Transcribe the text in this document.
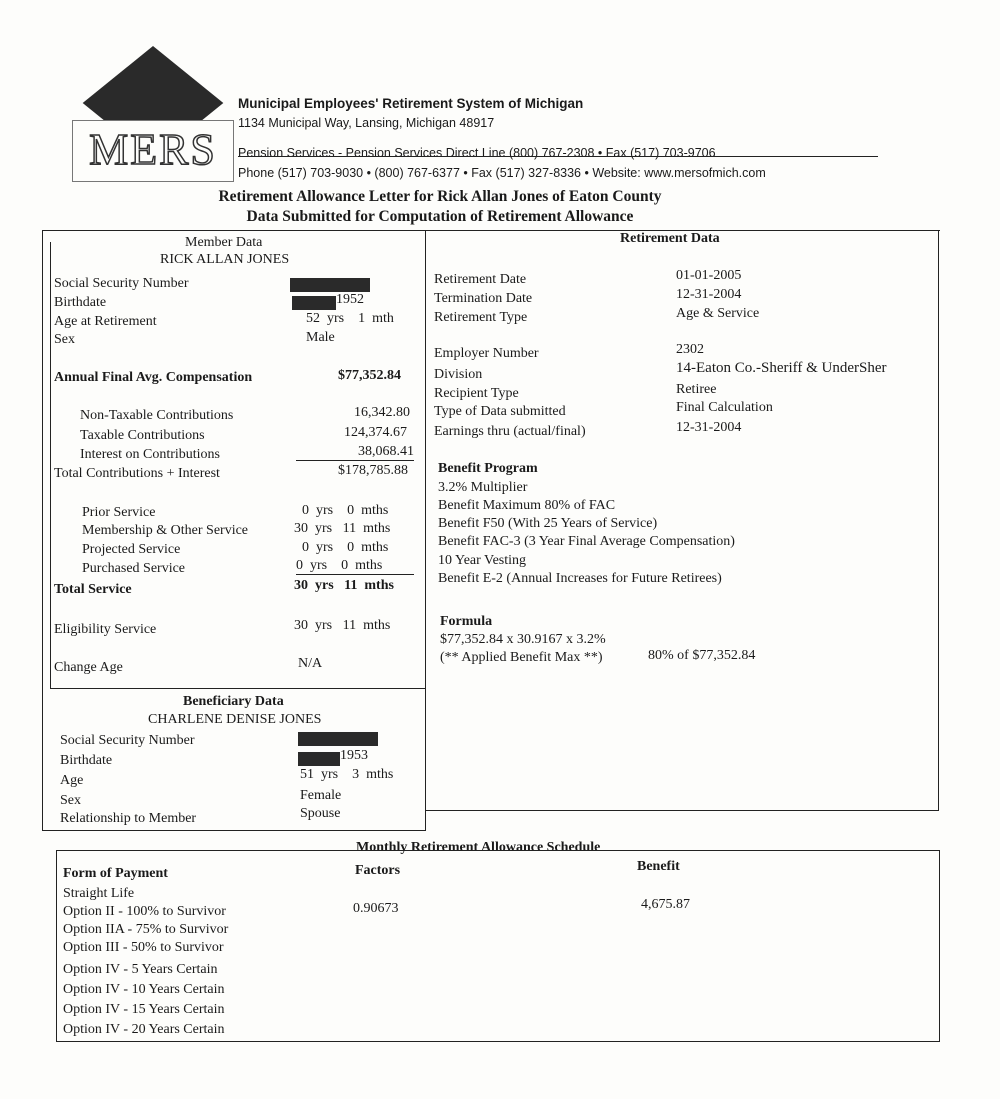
MERS
Municipal Employees' Retirement System of Michigan
1134 Municipal Way, Lansing, Michigan 48917
Pension Services - Pension Services Direct Line (800) 767-2308 • Fax (517) 703-9706
Phone (517) 703-9030 • (800) 767-6377 • Fax (517) 327-8336 • Website: www.mersofmich.com
Retirement Allowance Letter for Rick Allan Jones of Eaton County
Data Submitted for Computation of Retirement Allowance
Member Data
RICK ALLAN JONES
Social Security Number
Birthdate	1952
Age at Retirement	52  yrs    1  mth
Sex	Male
Annual Final Avg. Compensation	$77,352.84
Non-Taxable Contributions	16,342.80
Taxable Contributions	124,374.67
Interest on Contributions	38,068.41
Total Contributions + Interest	$178,785.88
Prior Service	0  yrs    0  mths
Membership & Other Service	30  yrs   11  mths
Projected Service	0  yrs    0  mths
Purchased Service	0  yrs    0  mths
Total Service	30  yrs   11  mths
Eligibility Service	30  yrs   11  mths
Change Age	N/A
Beneficiary Data
CHARLENE DENISE JONES
Social Security Number
Birthdate	1953
Age	51  yrs    3  mths
Sex	Female
Relationship to Member	Spouse
Retirement Data
Retirement Date	01-01-2005
Termination Date	12-31-2004
Retirement Type	Age & Service
Employer Number	2302
Division	14-Eaton Co.-Sheriff & UnderSher
Recipient Type	Retiree
Type of Data submitted	Final Calculation
Earnings thru (actual/final)	12-31-2004
Benefit Program
3.2% Multiplier
Benefit Maximum 80% of FAC
Benefit F50 (With 25 Years of Service)
Benefit FAC-3 (3 Year Final Average Compensation)
10 Year Vesting
Benefit E-2 (Annual Increases for Future Retirees)
Formula
$77,352.84 x 30.9167 x 3.2%
(** Applied Benefit Max **)	80% of $77,352.84
Monthly Retirement Allowance Schedule
Form of Payment	Factors	Benefit
Straight Life
Option II - 100% to Survivor	0.90673	4,675.87
Option IIA - 75% to Survivor
Option III - 50% to Survivor
Option IV - 5 Years Certain
Option IV - 10 Years Certain
Option IV - 15 Years Certain
Option IV - 20 Years Certain
